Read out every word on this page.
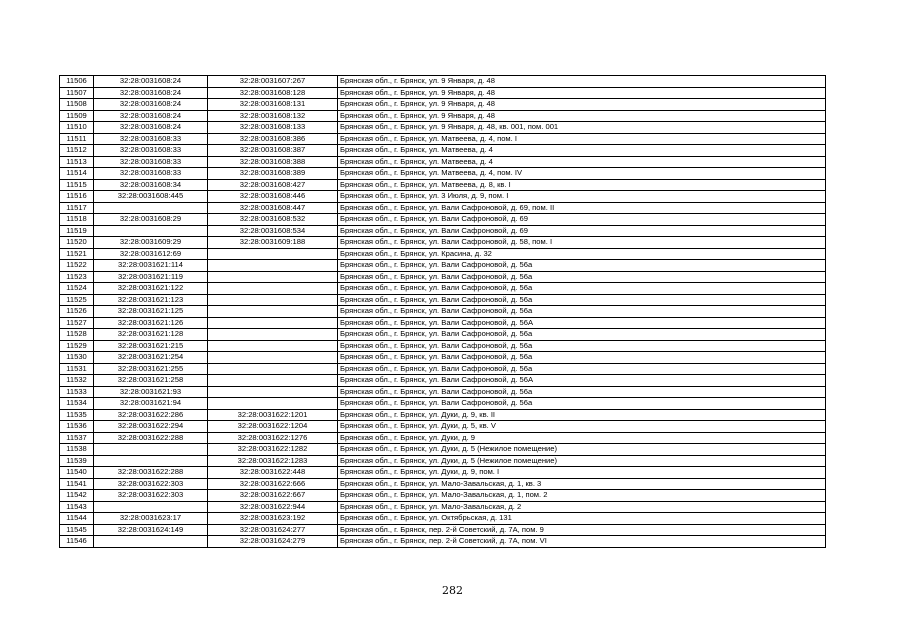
11506	32:28:0031608:24	32:28:0031607:267	Брянская обл., г. Брянск, ул. 9 Января, д. 48
11507	32:28:0031608:24	32:28:0031608:128	Брянская обл., г. Брянск, ул. 9 Января, д. 48
11508	32:28:0031608:24	32:28:0031608:131	Брянская обл., г. Брянск, ул. 9 Января, д. 48
11509	32:28:0031608:24	32:28:0031608:132	Брянская обл., г. Брянск, ул. 9 Января, д. 48
11510	32:28:0031608:24	32:28:0031608:133	Брянская обл., г. Брянск, ул. 9 Января, д. 48, кв. 001, пом. 001
11511	32:28:0031608:33	32:28:0031608:386	Брянская обл., г. Брянск, ул. Матвеева, д. 4, пом. I
11512	32:28:0031608:33	32:28:0031608:387	Брянская обл., г. Брянск, ул. Матвеева, д. 4
11513	32:28:0031608:33	32:28:0031608:388	Брянская обл., г. Брянск, ул. Матвеева, д. 4
11514	32:28:0031608:33	32:28:0031608:389	Брянская обл., г. Брянск, ул. Матвеева, д. 4, пом. IV
11515	32:28:0031608:34	32:28:0031608:427	Брянская обл., г. Брянск, ул. Матвеева, д. 8, кв. I
11516	32:28:0031608:445	32:28:0031608:446	Брянская обл., г. Брянск, ул. 3 Июля, д. 9, пом. I
11517		32:28:0031608:447	Брянская обл., г. Брянск, ул. Вали Сафроновой, д. 69, пом. II
11518	32:28:0031608:29	32:28:0031608:532	Брянская обл., г. Брянск, ул. Вали Сафроновой, д. 69
11519		32:28:0031608:534	Брянская обл., г. Брянск, ул. Вали Сафроновой, д. 69
11520	32:28:0031609:29	32:28:0031609:188	Брянская обл., г. Брянск, ул. Вали Сафроновой, д. 58, пом. I
11521	32:28:0031612:69		Брянская обл., г. Брянск, ул. Красина, д. 32
11522	32:28:0031621:114		Брянская обл., г. Брянск, ул. Вали Сафроновой, д. 56а
11523	32:28:0031621:119		Брянская обл., г. Брянск, ул. Вали Сафроновой, д. 56а
11524	32:28:0031621:122		Брянская обл., г. Брянск, ул. Вали Сафроновой, д. 56а
11525	32:28:0031621:123		Брянская обл., г. Брянск, ул. Вали Сафроновой, д. 56а
11526	32:28:0031621:125		Брянская обл., г. Брянск, ул. Вали Сафроновой, д. 56а
11527	32:28:0031621:126		Брянская обл., г. Брянск, ул. Вали Сафроновой, д. 56А
11528	32:28:0031621:128		Брянская обл., г. Брянск, ул. Вали Сафроновой, д. 56а
11529	32:28:0031621:215		Брянская обл., г. Брянск, ул. Вали Сафроновой, д. 56а
11530	32:28:0031621:254		Брянская обл., г. Брянск, ул. Вали Сафроновой, д. 56а
11531	32:28:0031621:255		Брянская обл., г. Брянск, ул. Вали Сафроновой, д. 56а
11532	32:28:0031621:258		Брянская обл., г. Брянск, ул. Вали Сафроновой, д. 56А
11533	32:28:0031621:93		Брянская обл., г. Брянск, ул. Вали Сафроновой, д. 56а
11534	32:28:0031621:94		Брянская обл., г. Брянск, ул. Вали Сафроновой, д. 56а
11535	32:28:0031622:286	32:28:0031622:1201	Брянская обл., г. Брянск, ул. Дуки, д. 9, кв. II
11536	32:28:0031622:294	32:28:0031622:1204	Брянская обл., г. Брянск, ул. Дуки, д. 5, кв. V
11537	32:28:0031622:288	32:28:0031622:1276	Брянская обл., г. Брянск, ул. Дуки, д. 9
11538		32:28:0031622:1282	Брянская обл., г. Брянск, ул. Дуки, д. 5 (Нежилое помещение)
11539		32:28:0031622:1283	Брянская обл., г. Брянск, ул. Дуки, д. 5 (Нежилое помещение)
11540	32:28:0031622:288	32:28:0031622:448	Брянская обл., г. Брянск, ул. Дуки, д. 9, пом. I
11541	32:28:0031622:303	32:28:0031622:666	Брянская обл., г. Брянск, ул. Мало-Завальская, д. 1, кв. 3
11542	32:28:0031622:303	32:28:0031622:667	Брянская обл., г. Брянск, ул. Мало-Завальская, д. 1, пом. 2
11543		32:28:0031622:944	Брянская обл., г. Брянск, ул. Мало-Завальская, д. 2
11544	32:28:0031623:17	32:28:0031623:192	Брянская обл., г. Брянск, ул. Октябрьская, д. 131
11545	32:28:0031624:149	32:28:0031624:277	Брянская обл., г. Брянск, пер. 2-й Советский, д. 7А, пом. 9
11546		32:28:0031624:279	Брянская обл., г. Брянск, пер. 2-й Советский, д. 7А, пом. VI
282
